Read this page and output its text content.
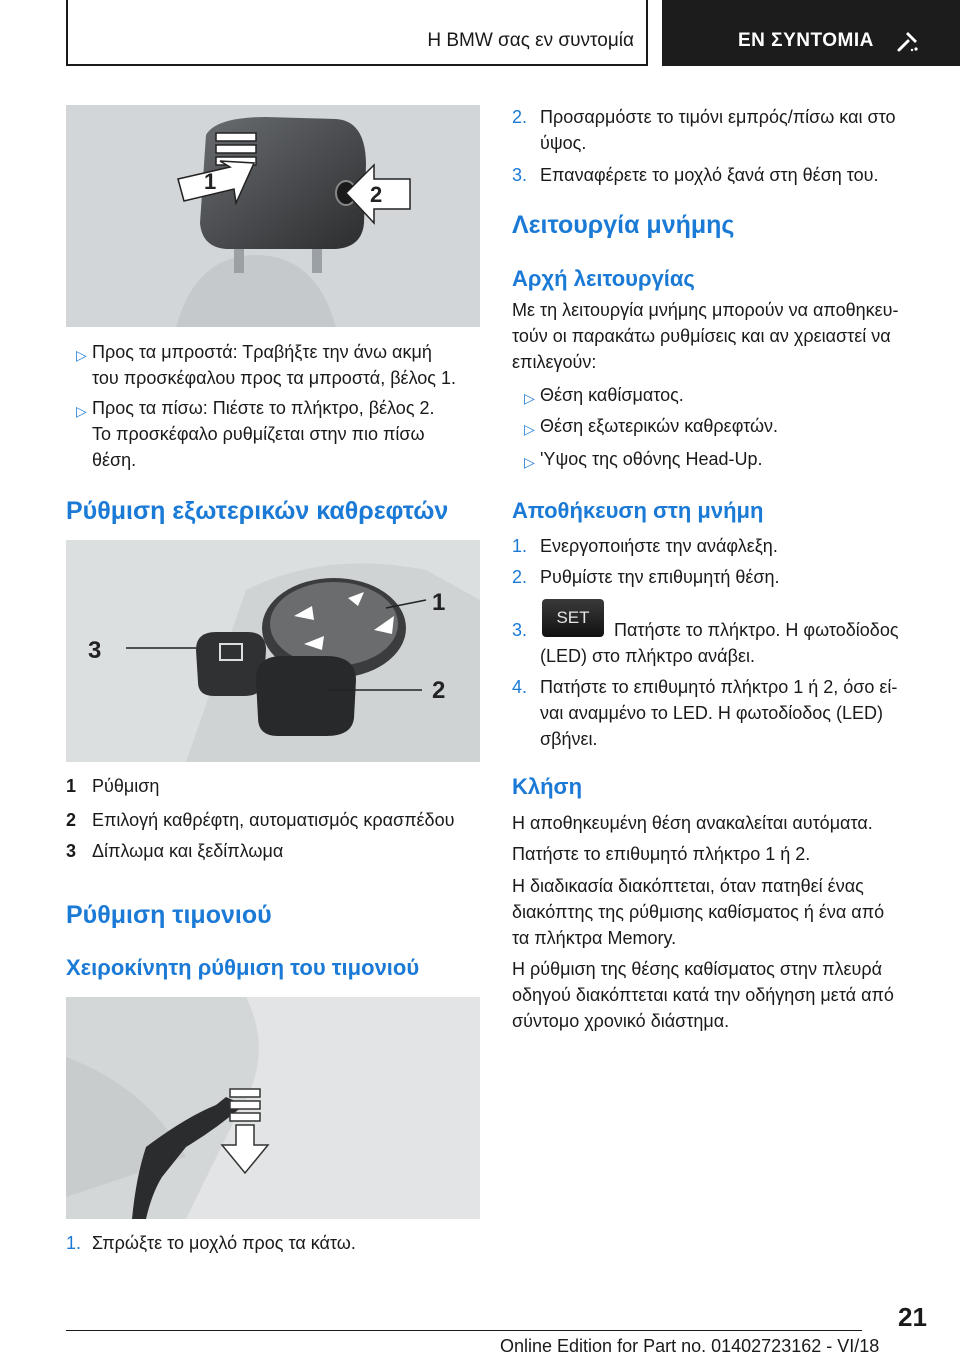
Η BMW σας εν συντομία	ΕΝ ΣΥΝΤΟΜΙΑ
1
2
▷ Προς τα μπροστά: Τραβήξτε την άνω ακμή
του προσκέφαλου προς τα μπροστά, βέλος 1.
▷ Προς τα πίσω: Πιέστε το πλήκτρο, βέλος 2.
Το προσκέφαλο ρυθμίζεται στην πιο πίσω
θέση.
Ρύθμιση εξωτερικών καθρεφτών
3
1
2
1 Ρύθμιση
2 Επιλογή καθρέφτη, αυτοματισμός κρασπέδου
3 Δίπλωμα και ξεδίπλωμα
Ρύθμιση τιμονιού
Χειροκίνητη ρύθμιση του τιμονιού
1. Σπρώξτε το μοχλό προς τα κάτω.
2. Προσαρμόστε το τιμόνι εμπρός/πίσω και στο
ύψος.
3. Επαναφέρετε το μοχλό ξανά στη θέση του.
Λειτουργία μνήμης
Αρχή λειτουργίας
Με τη λειτουργία μνήμης μπορούν να αποθηκευ-
τούν οι παρακάτω ρυθμίσεις και αν χρειαστεί να
επιλεγούν:
▷ Θέση καθίσματος.
▷ Θέση εξωτερικών καθρεφτών.
▷ 'Υψος της οθόνης Head-Up.
Αποθήκευση στη μνήμη
1. Ενεργοποιήστε την ανάφλεξη.
2. Ρυθμίστε την επιθυμητή θέση.
3.
SET
Πατήστε το πλήκτρο. Η φωτοδίοδος
(LED) στο πλήκτρο ανάβει.
4. Πατήστε το επιθυμητό πλήκτρο 1 ή 2, όσο εί-
ναι αναμμένο το LED. Η φωτοδίοδος (LED)
σβήνει.
Κλήση
Η αποθηκευμένη θέση ανακαλείται αυτόματα.
Πατήστε το επιθυμητό πλήκτρο 1 ή 2.
Η διαδικασία διακόπτεται, όταν πατηθεί ένας
διακόπτης της ρύθμισης καθίσματος ή ένα από
τα πλήκτρα Memory.
Η ρύθμιση της θέσης καθίσματος στην πλευρά
οδηγού διακόπτεται κατά την οδήγηση μετά από
σύντομο χρονικό διάστημα.
21
Online Edition for Part no. 01402723162 - VI/18
